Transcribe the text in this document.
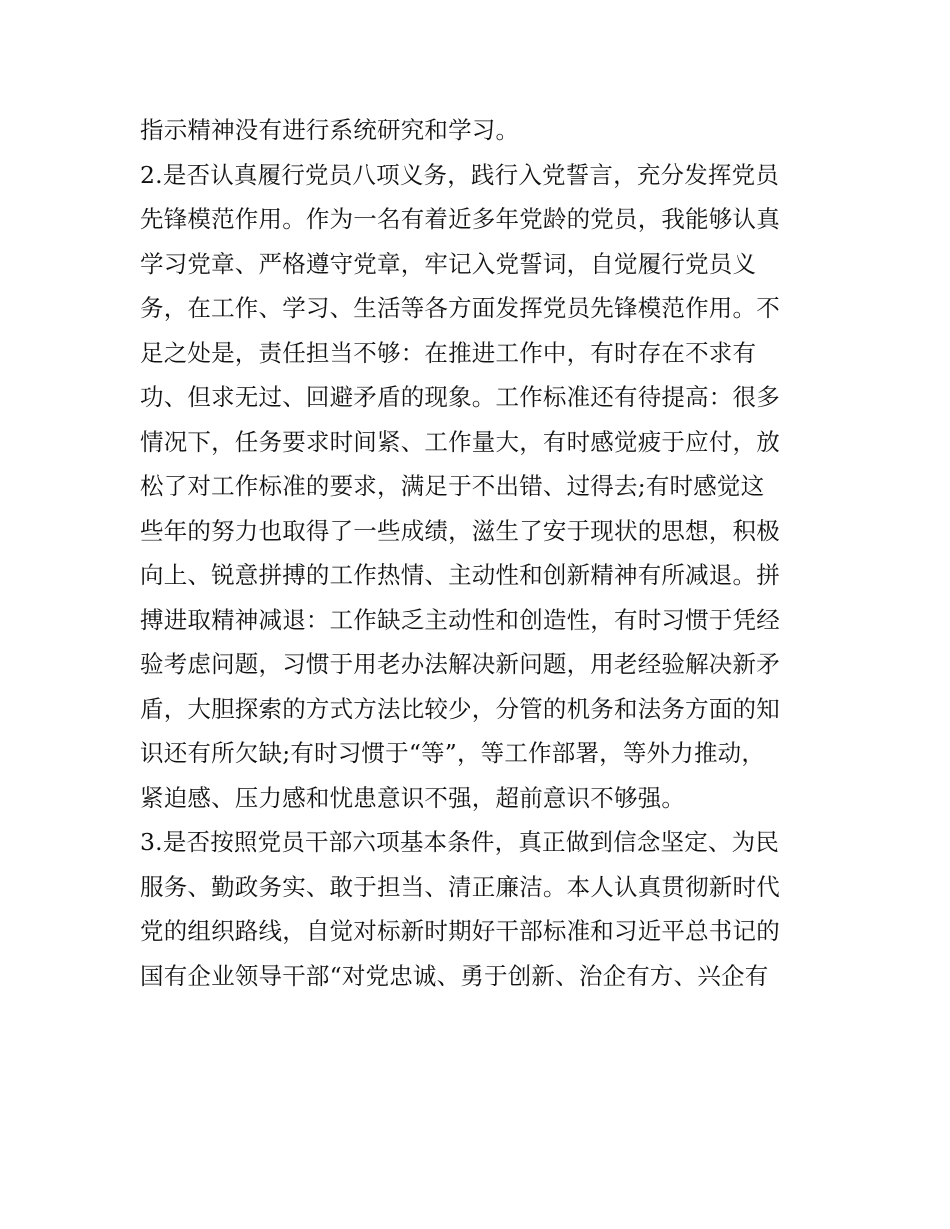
指示精神没有进行系统研究和学习。
2.是否认真履行党员八项义务，践行入党誓言，充分发挥党员
先锋模范作用。作为一名有着近多年党龄的党员，我能够认真
学习党章、严格遵守党章，牢记入党誓词，自觉履行党员义
务，在工作、学习、生活等各方面发挥党员先锋模范作用。不
足之处是，责任担当不够：在推进工作中，有时存在不求有
功、但求无过、回避矛盾的现象。工作标准还有待提高：很多
情况下，任务要求时间紧、工作量大，有时感觉疲于应付，放
松了对工作标准的要求，满足于不出错、过得去;有时感觉这
些年的努力也取得了一些成绩，滋生了安于现状的思想，积极
向上、锐意拼搏的工作热情、主动性和创新精神有所减退。拼
搏进取精神减退：工作缺乏主动性和创造性，有时习惯于凭经
验考虑问题，习惯于用老办法解决新问题，用老经验解决新矛
盾，大胆探索的方式方法比较少，分管的机务和法务方面的知
识还有所欠缺;有时习惯于“等”，等工作部署，等外力推动，
紧迫感、压力感和忧患意识不强，超前意识不够强。
3.是否按照党员干部六项基本条件，真正做到信念坚定、为民
服务、勤政务实、敢于担当、清正廉洁。本人认真贯彻新时代
党的组织路线，自觉对标新时期好干部标准和习近平总书记的
国有企业领导干部“对党忠诚、勇于创新、治企有方、兴企有
